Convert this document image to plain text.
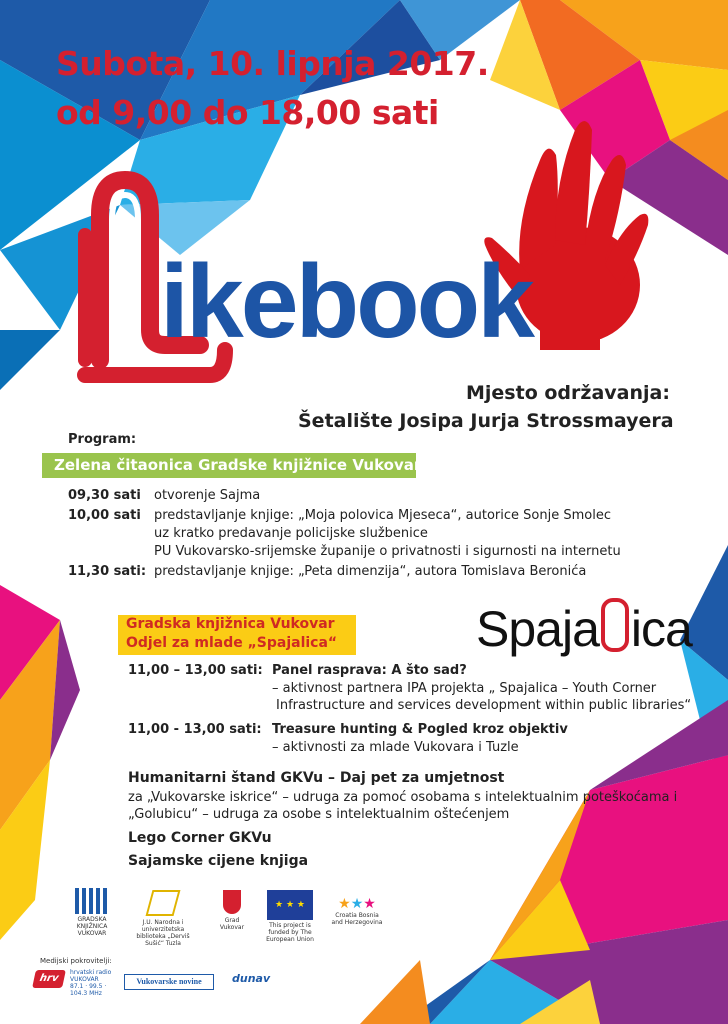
Subota, 10. lipnja 2017.
od 9,00 do 18,00 sati
ikebook
Mjesto održavanja:
Šetalište Josipa Jurja Strossmayera
Program:
Zelena čitaonica Gradske knjižnice Vukovar
09,30 sati otvorenje Sajma
10,00 sati predstavljanje knjige: „Moja polovica Mjeseca“, autorice Sonje Smolec
uz kratko predavanje policijske službenice
PU Vukovarsko-srijemske županije o privatnosti i sigurnosti na internetu
11,30 sati: predstavljanje knjige: „Peta dimenzija“, autora Tomislava Beronića
Gradska knjižnica Vukovar
Odjel za mlade „Spajalica“	Spaja ica
11,00 – 13,00 sati: Panel rasprava: A što sad?
– aktivnost partnera IPA projekta „ Spajalica – Youth Corner
Infrastructure and services development within public libraries“
11,00 - 13,00 sati: Treasure hunting & Pogled kroz objektiv
– aktivnosti za mlade Vukovara i Tuzle
Humanitarni štand GKVu – Daj pet za umjetnost
za „Vukovarske iskrice“ – udruga za pomoć osobama s intelektualnim poteškoćama i
„Golubicu“ – udruga za osobe s intelektualnim oštećenjem
Lego Corner GKVu
Sajamske cijene knjiga
GRADSKA KNJIŽNICA VUKOVAR
J.U. Narodna i univerzitetska biblioteka „Derviš Sušić“ Tuzla
Grad Vukovar
★ ★ ★
This project is funded by The European Union
★★★
Croatia Bosnia and Herzegovina
Medijski pokrovitelji:
hrv
hrvatski radio VUKOVAR
87.1 · 99.5 · 104.3 MHz
Vukovarske novine	dunav
